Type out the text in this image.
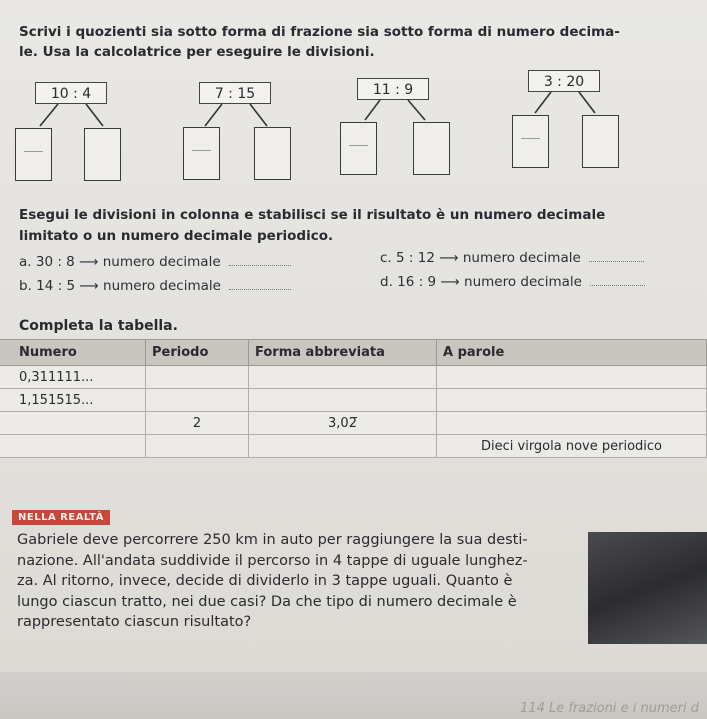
Scrivi i quozienti sia sotto forma di frazione sia sotto forma di numero decima-
le. Usa la calcolatrice per eseguire le divisioni.
10 : 4	7 : 15	11 : 9	3 : 20
Esegui le divisioni in colonna e stabilisci se il risultato è un numero decimale
limitato o un numero decimale periodico.
a. 30 : 8 ⟶ numero decimale
b. 14 : 5 ⟶ numero decimale
c. 5 : 12 ⟶ numero decimale
d. 16 : 9 ⟶ numero decimale
Completa la tabella.
Numero	Periodo	Forma abbreviata	A parole
0,311111...			
1,151515...			
	2	3,02̅	
			Dieci virgola nove periodico
NELLA REALTÀ
Gabriele deve percorrere 250 km in auto per raggiungere la sua desti-
nazione. All'andata suddivide il percorso in 4 tappe di uguale lunghez-
za. Al ritorno, invece, decide di dividerlo in 3 tappe uguali. Quanto è
lungo ciascun tratto, nei due casi? Da che tipo di numero decimale è
rappresentato ciascun risultato?
114 Le frazioni e i numeri d
